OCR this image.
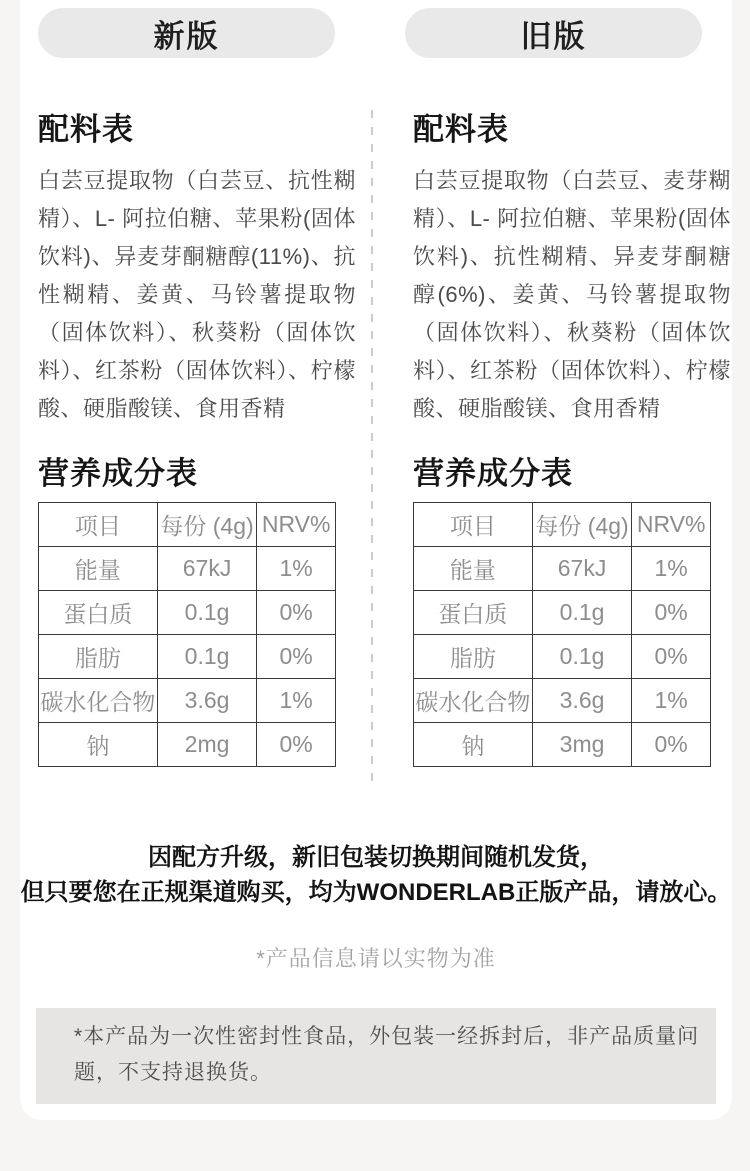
新版	旧版
配料表
白芸豆提取物（白芸豆、抗性糊精）、L- 阿拉伯糖、苹果粉(固体饮料)、异麦芽酮糖醇(11%)、抗性糊精、姜黄、马铃薯提取物（固体饮料）、秋葵粉（固体饮料）、红茶粉（固体饮料）、柠檬酸、硬脂酸镁、食用香精
营养成分表
项目	每份 (4g)	NRV%
能量	67kJ	1%
蛋白质	0.1g	0%
脂肪	0.1g	0%
碳水化合物	3.6g	1%
钠	2mg	0%
配料表
白芸豆提取物（白芸豆、麦芽糊精）、L- 阿拉伯糖、苹果粉(固体饮料)、抗性糊精、异麦芽酮糖醇(6%)、姜黄、马铃薯提取物（固体饮料）、秋葵粉（固体饮料）、红茶粉（固体饮料）、柠檬酸、硬脂酸镁、食用香精
营养成分表
项目	每份 (4g)	NRV%
能量	67kJ	1%
蛋白质	0.1g	0%
脂肪	0.1g	0%
碳水化合物	3.6g	1%
钠	3mg	0%
因配方升级，新旧包装切换期间随机发货，
但只要您在正规渠道购买，均为WONDERLAB正版产品，请放心。
*产品信息请以实物为准
*本产品为一次性密封性食品，外包装一经拆封后，非产品质量问题，不支持退换货。
